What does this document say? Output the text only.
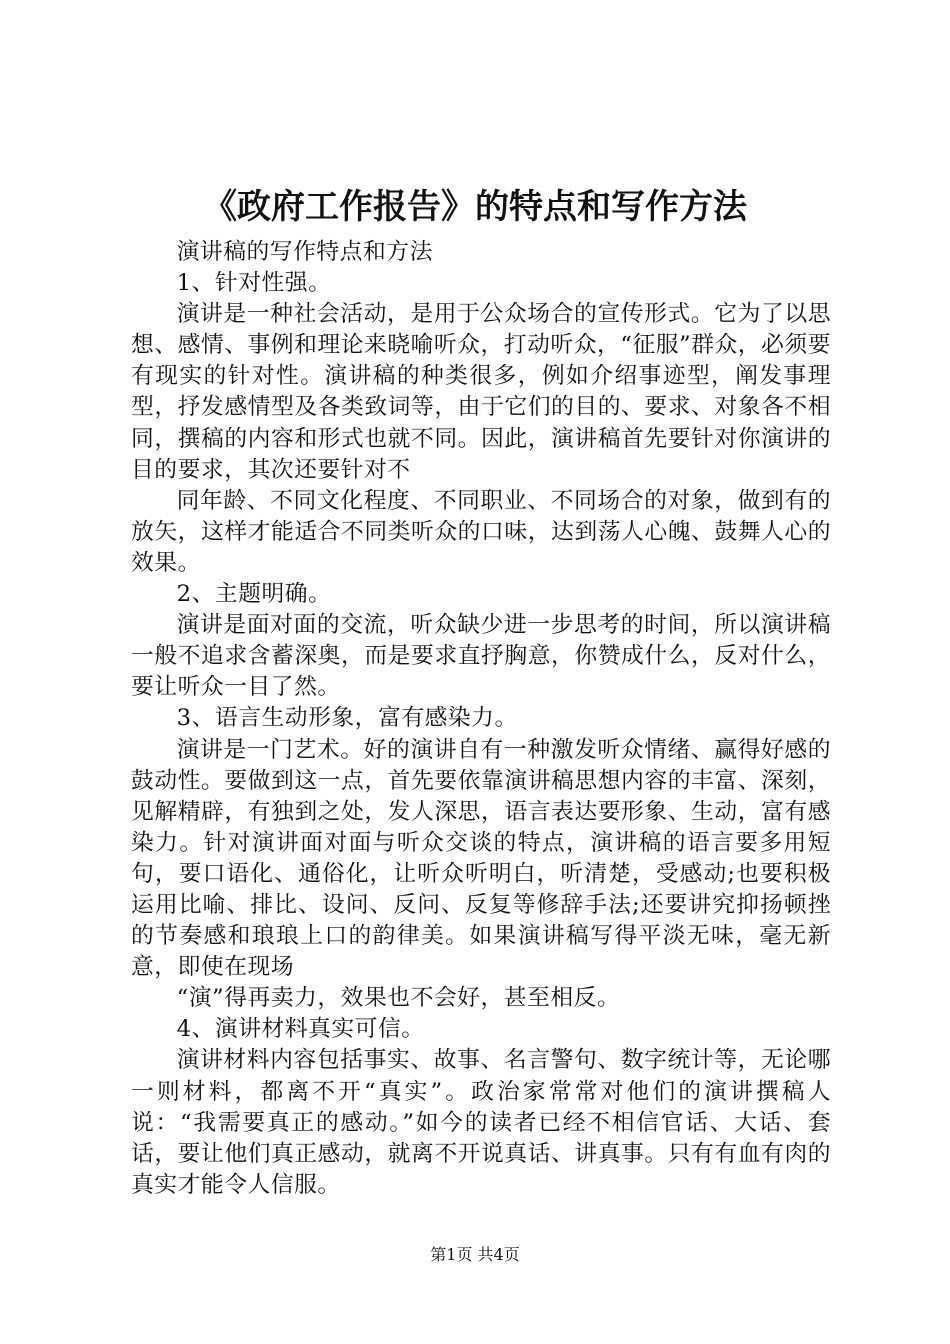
《政府工作报告》的特点和写作方法

演讲稿的写作特点和方法

1、针对性强。

演讲是一种社会活动，是用于公众场合的宣传形式。它为了以思想、感情、事例和理论来晓喻听众，打动听众，“征服”群众，必须要有现实的针对性。演讲稿的种类很多，例如介绍事迹型，阐发事理型，抒发感情型及各类致词等，由于它们的目的、要求、对象各不相同，撰稿的内容和形式也就不同。因此，演讲稿首先要针对你演讲的目的要求，其次还要针对不

同年龄、不同文化程度、不同职业、不同场合的对象，做到有的放矢，这样才能适合不同类听众的口味，达到荡人心魄、鼓舞人心的效果。

2、主题明确。

演讲是面对面的交流，听众缺少进一步思考的时间，所以演讲稿一般不追求含蓄深奥，而是要求直抒胸意，你赞成什么，反对什么，要让听众一目了然。

3、语言生动形象，富有感染力。

演讲是一门艺术。好的演讲自有一种激发听众情绪、赢得好感的鼓动性。要做到这一点，首先要依靠演讲稿思想内容的丰富、深刻，见解精辟，有独到之处，发人深思，语言表达要形象、生动，富有感染力。针对演讲面对面与听众交谈的特点，演讲稿的语言要多用短句，要口语化、通俗化，让听众听明白，听清楚，受感动;也要积极运用比喻、排比、设问、反问、反复等修辞手法;还要讲究抑扬顿挫的节奏感和琅琅上口的韵律美。如果演讲稿写得平淡无味，毫无新意，即使在现场

“演”得再卖力，效果也不会好，甚至相反。

4、演讲材料真实可信。

演讲材料内容包括事实、故事、名言警句、数字统计等，无论哪一则材料，都离不开“真实”。政治家常常对他们的演讲撰稿人说：“我需要真正的感动。”如今的读者已经不相信官话、大话、套话，要让他们真正感动，就离不开说真话、讲真事。只有有血有肉的真实才能令人信服。

第1页 共4页
